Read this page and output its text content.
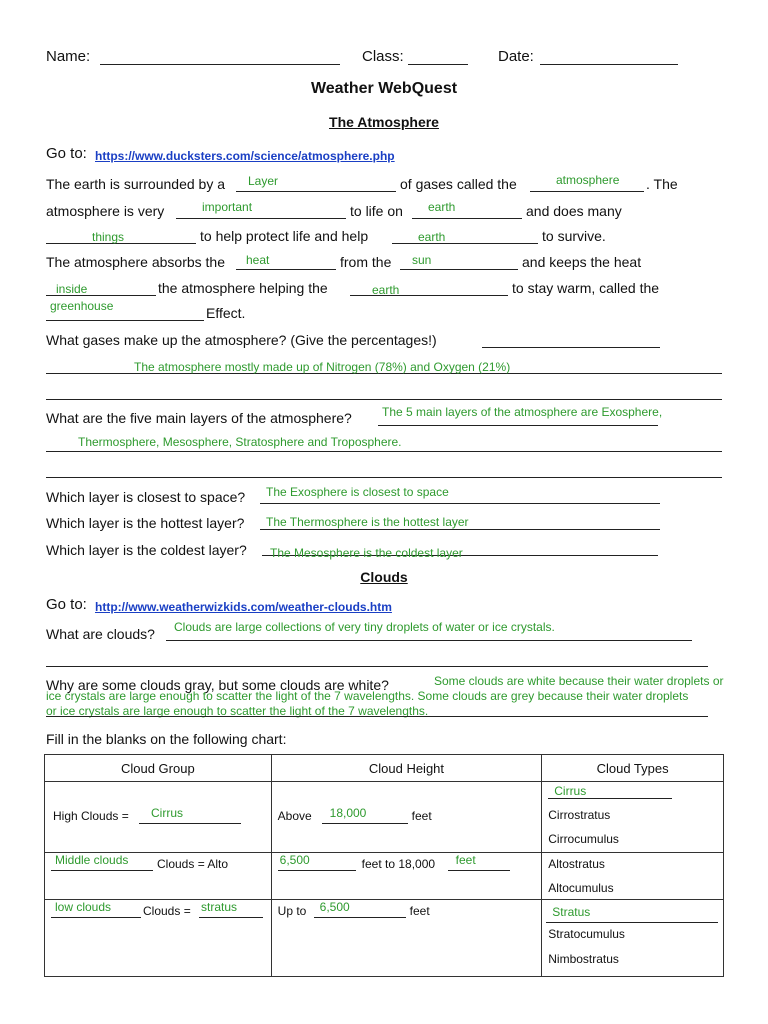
Name:	Class:	Date:
Weather WebQuest
The Atmosphere
Go to: https://www.ducksters.com/science/atmosphere.php
The earth is surrounded by a Layer	of gases called the	atmosphere . The
atmosphere is very	important	to life on earth	and does many
things	to help protect life and help	earth	to survive.
The atmosphere absorbs the heat	from the sun	and keeps the heat
inside	the atmosphere helping the	earth	to stay warm, called the
greenhouse	Effect.
What gases make up the atmosphere? (Give the percentages!)
The atmosphere mostly made up of Nitrogen (78%) and Oxygen (21%)
What are the five main layers of the atmosphere?	The 5 main layers of the atmosphere are Exosphere,
Thermosphere, Mesosphere, Stratosphere and Troposphere.
Which layer is closest to space? The Exosphere is closest to space
Which layer is the hottest layer? The Thermosphere is the hottest layer
Which layer is the coldest layer? The Mesosphere is the coldest layer
Clouds
Go to: http://www.weatherwizkids.com/weather-clouds.htm
What are clouds? Clouds are large collections of very tiny droplets of water or ice crystals.
Why are some clouds gray, but some clouds are white?	Some clouds are white because their water droplets or
ice crystals are large enough to scatter the light of the 7 wavelengths. Some clouds are grey because their water droplets
or ice crystals are large enough to scatter the light of the 7 wavelengths.
Fill in the blanks on the following chart:
Cloud Group	Cloud Height	Cloud Types

High Clouds = Cirrus	Above 18,000 feet	Cirrus
Cirrostratus
Cirrocumulus

Middle clouds Clouds = Alto	6,500 feet to 18,000 feet	Altostratus
Altocumulus

low clouds Clouds = stratus	Up to 6,500 feet	Stratus
Stratocumulus
Nimbostratus
